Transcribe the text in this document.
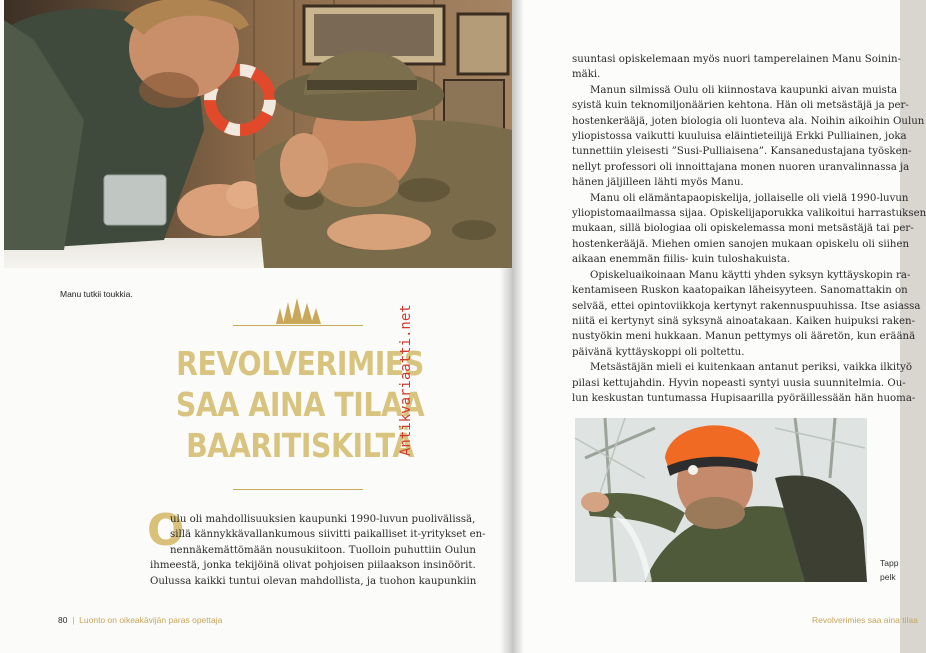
Manu tutkii toukkia.
REVOLVERIMIES
SAA AINA TILAA
BAARITISKILTÄ
Antikvariaatti.net
O
ulu oli mahdollisuuksien kaupunki 1990-luvun puolivälissä,
sillä kännykkävallankumous siivitti paikalliset it-yritykset en-
nennäkemättömään nousukiitoon. Tuolloin puhuttiin Oulun
ihmeestä, jonka tekijöinä olivat pohjoisen piilaakson insinöörit.
Oulussa kaikki tuntui olevan mahdollista, ja tuohon kaupunkiin
80  |  Luonto on oikeakävijän paras opettaja
suuntasi opiskelemaan myös nuori tamperelainen Manu Soinin-
mäki.
Manun silmissä Oulu oli kiinnostava kaupunki aivan muista
syistä kuin teknomiljonäärien kehtona. Hän oli metsästäjä ja per-
hostenkerääjä, joten biologia oli luonteva ala. Noihin aikoihin Oulun
yliopistossa vaikutti kuuluisa eläintieteilijä Erkki Pulliainen, joka
tunnettiin yleisesti ”Susi-Pulliaisena”. Kansanedustajana työsken-
nellyt professori oli innoittajana monen nuoren uranvalinnassa ja
hänen jäljilleen lähti myös Manu.
Manu oli elämäntapaopiskelija, jollaiselle oli vielä 1990-luvun
yliopistomaailmassa sijaa. Opiskelijaporukka valikoitui harrastuksen
mukaan, sillä biologiaa oli opiskelemassa moni metsästäjä tai per-
hostenkerääjä. Miehen omien sanojen mukaan opiskelu oli siihen
aikaan enemmän fiilis- kuin tuloshakuista.
Opiskeluaikoinaan Manu käytti yhden syksyn kyttäyskopin ra-
kentamiseen Ruskon kaatopaikan läheisyyteen. Sanomattakin on
selvää, ettei opintoviikkoja kertynyt rakennuspuuhissa. Itse asiassa
niitä ei kertynyt sinä syksynä ainoatakaan. Kaiken huipuksi raken-
nustyökin meni hukkaan. Manun pettymys oli ääretön, kun eräänä
päivänä kyttäyskoppi oli poltettu.
Metsästäjän mieli ei kuitenkaan antanut periksi, vaikka ilkityö
pilasi kettujahdin. Hyvin nopeasti syntyi uusia suunnitelmia. Ou-
lun keskustan tuntumassa Hupisaarilla pyöräillessään hän huoma-
Tapp
pelk
Revolverimies saa aina tilaa
